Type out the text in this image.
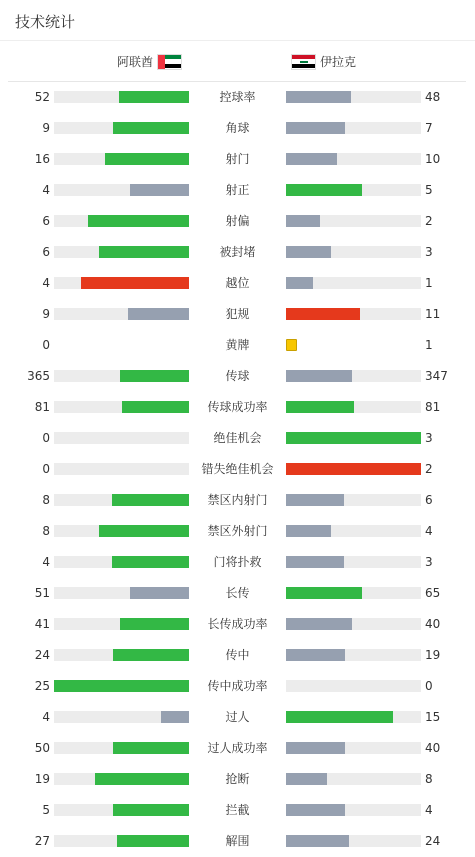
技术统计
阿联酋	伊拉克
52	控球率	48
9	角球	7
16	射门	10
4	射正	5
6	射偏	2
6	被封堵	3
4	越位	1
9	犯规	11
0	黄牌	1
365	传球	347
81	传球成功率	81
0	绝佳机会	3
0	错失绝佳机会	2
8	禁区内射门	6
8	禁区外射门	4
4	门将扑救	3
51	长传	65
41	长传成功率	40
24	传中	19
25	传中成功率	0
4	过人	15
50	过人成功率	40
19	抢断	8
5	拦截	4
27	解围	24
